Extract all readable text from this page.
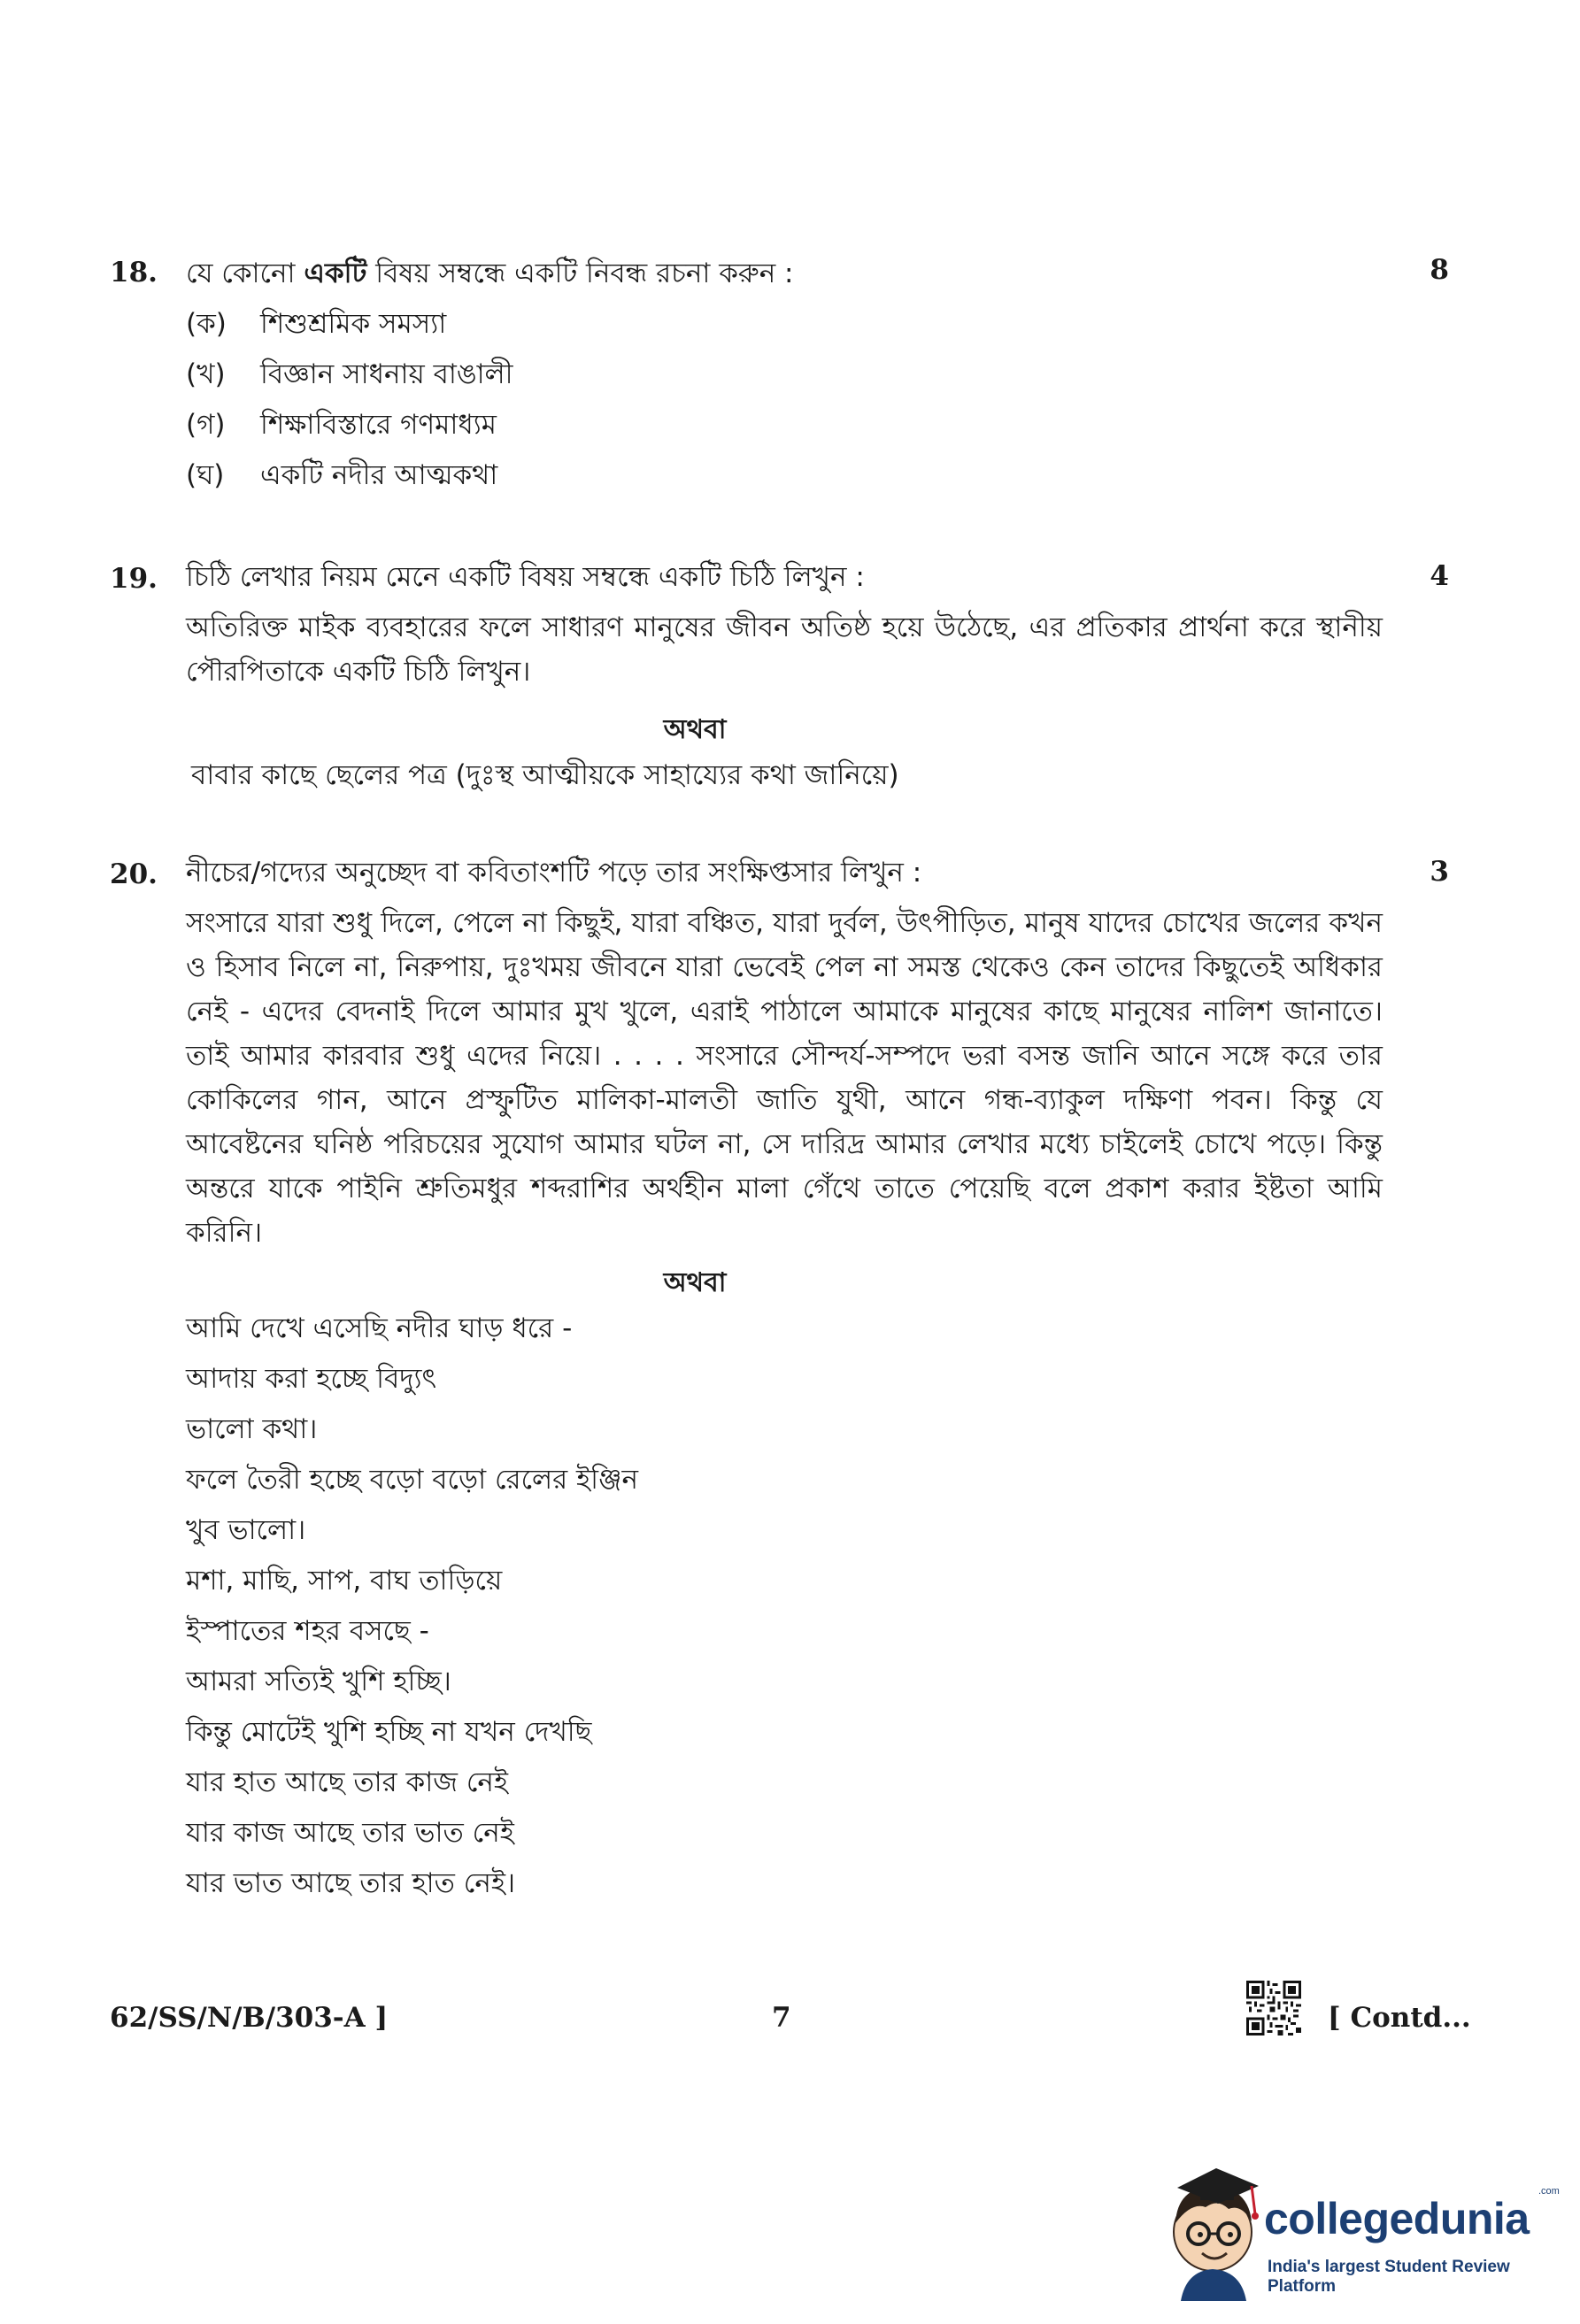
18. যে কোনো একটি বিষয় সম্বন্ধে একটি নিবন্ধ রচনা করুন :	8
(ক) শিশুশ্রমিক সমস্যা
(খ) বিজ্ঞান সাধনায় বাঙালী
(গ) শিক্ষাবিস্তারে গণমাধ্যম
(ঘ) একটি নদীর আত্মকথা
19. চিঠি লেখার নিয়ম মেনে একটি বিষয় সম্বন্ধে একটি চিঠি লিখুন :	4
অতিরিক্ত মাইক ব্যবহারের ফলে সাধারণ মানুষের জীবন অতিষ্ঠ হয়ে উঠেছে, এর প্রতিকার প্রার্থনা করে স্থানীয় পৌরপিতাকে একটি চিঠি লিখুন।
অথবা
বাবার কাছে ছেলের পত্র (দুঃস্থ আত্মীয়কে সাহায্যের কথা জানিয়ে)
20. নীচের/গদ্যের অনুচ্ছেদ বা কবিতাংশটি পড়ে তার সংক্ষিপ্তসার লিখুন :	3
সংসারে যারা শুধু দিলে, পেলে না কিছুই, যারা বঞ্চিত, যারা দুর্বল, উৎপীড়িত, মানুষ যাদের চোখের জলের কখন ও হিসাব নিলে না, নিরুপায়, দুঃখময় জীবনে যারা ভেবেই পেল না সমস্ত থেকেও কেন তাদের কিছুতেই অধিকার নেই - এদের বেদনাই দিলে আমার মুখ খুলে, এরাই পাঠালে আমাকে মানুষের কাছে মানুষের নালিশ জানাতে। তাই আমার কারবার শুধু এদের নিয়ে। . . . . সংসারে সৌন্দর্য-সম্পদে ভরা বসন্ত জানি আনে সঙ্গে করে তার কোকিলের গান, আনে প্রস্ফুটিত মালিকা-মালতী জাতি যুথী, আনে গন্ধ-ব্যাকুল দক্ষিণা পবন। কিন্তু যে আবেষ্টনের ঘনিষ্ঠ পরিচয়ের সুযোগ আমার ঘটল না, সে দারিদ্র আমার লেখার মধ্যে চাইলেই চোখে পড়ে। কিন্তু অন্তরে যাকে পাইনি শ্রুতিমধুর শব্দরাশির অর্থহীন মালা গেঁথে তাতে পেয়েছি বলে প্রকাশ করার ইষ্টতা আমি করিনি।
অথবা
আমি দেখে এসেছি নদীর ঘাড় ধরে -
আদায় করা হচ্ছে বিদ্যুৎ
ভালো কথা।
ফলে তৈরী হচ্ছে বড়ো বড়ো রেলের ইঞ্জিন
খুব ভালো।
মশা, মাছি, সাপ, বাঘ তাড়িয়ে
ইস্পাতের শহর বসছে -
আমরা সত্যিই খুশি হচ্ছি।
কিন্তু মোটেই খুশি হচ্ছি না যখন দেখছি
যার হাত আছে তার কাজ নেই
যার কাজ আছে তার ভাত নেই
যার ভাত আছে তার হাত নেই।
62/SS/N/B/303-A ]	7	[ Contd...
collegedunia
.com
India's largest Student Review Platform
